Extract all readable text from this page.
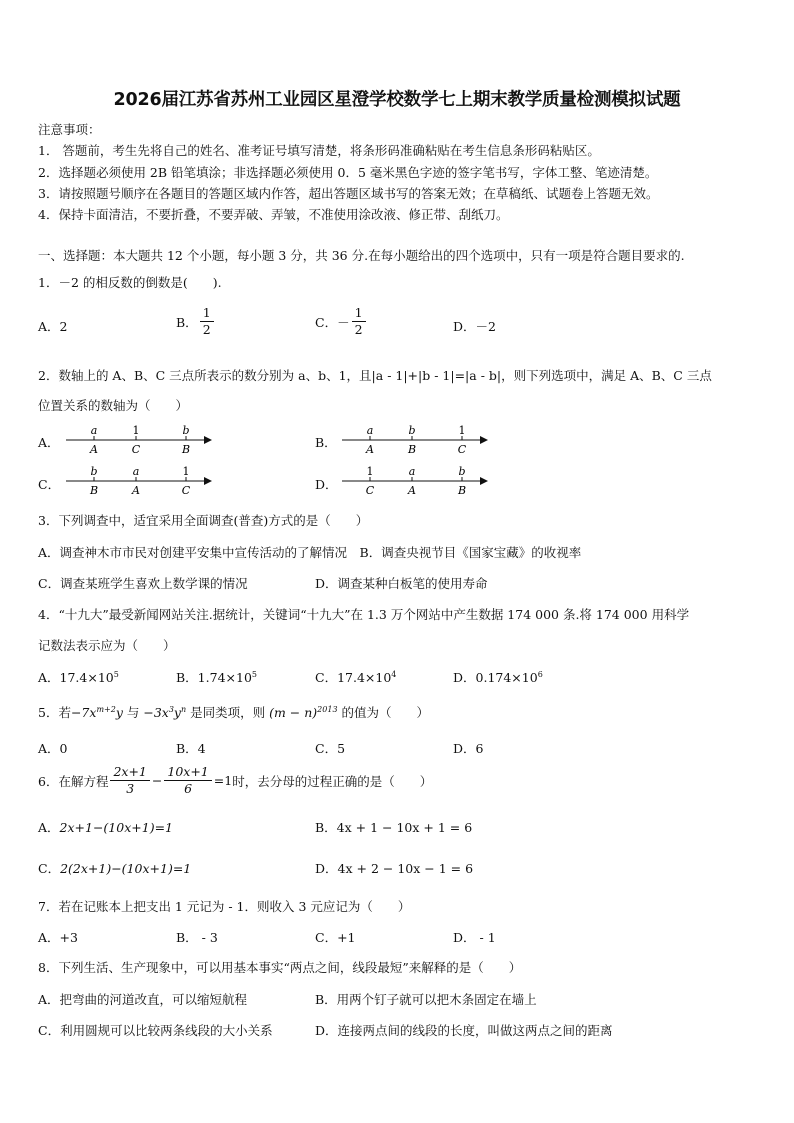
2026届江苏省苏州工业园区星澄学校数学七上期末教学质量检测模拟试题
注意事项：
1． 答题前，考生先将自己的姓名、准考证号填写清楚，将条形码准确粘贴在考生信息条形码粘贴区。
2．选择题必须使用 2B 铅笔填涂；非选择题必须使用 0．5 毫米黑色字迹的签字笔书写，字体工整、笔迹清楚。
3．请按照题号顺序在各题目的答题区域内作答，超出答题区域书写的答案无效；在草稿纸、试题卷上答题无效。
4．保持卡面清洁，不要折叠，不要弄破、弄皱，不准使用涂改液、修正带、刮纸刀。
一、选择题：本大题共 12 个小题，每小题 3 分，共 36 分.在每小题给出的四个选项中，只有一项是符合题目要求的.
1．－2 的相反数的倒数是(　　).
A．2	B． $\frac{1}{2}$	C．－ $\frac{1}{2}$	D．－2
2．数轴上的 A、B、C 三点所表示的数分别为 a、b、1，且|a - 1|+|b - 1|=|a - b|，则下列选项中，满足 A、B、C 三点
位置关系的数轴为（　　）
A．	B．
C．	D．
a
A
1
C
b
B
a
A
b
B
1
C
b
B
a
A
1
C
1
C
a
A
b
B
3．下列调查中，适宜采用全面调查(普查)方式的是（　　）
A．调查神木市市民对创建平安集中宣传活动的了解情况　B．调查央视节目《国家宝藏》的收视率
C．调查某班学生喜欢上数学课的情况	D．调查某种白板笔的使用寿命
4．“十九大”最受新闻网站关注.据统计，关键词“十九大”在 1.3 万个网站中产生数据 174 000 条.将 174 000 用科学
记数法表示应为（　　）
A．$17.4\times 10^5$	B．$1.74\times 10^5$	C．$17.4\times 10^4$	D．$0.174\times 10^6$
5．若$-7x^{m+2}y$ 与 $-3x^3y^n$ 是同类项，则 $(m - n)^{2013}$ 的值为（　　）
A．0	B．4	C．5	D．6
6．在解方程 $\frac{2x+1}{3} - \frac{10x+1}{6} =1$ 时，去分母的过程正确的是（　　）
A．2x+1−(10x+1)=1	B．4x + 1 − 10x + 1 = 6
C．2(2x+1)−(10x+1)=1	D．4x + 2 − 10x − 1 = 6
7．若在记账本上把支出 1 元记为 - 1．则收入 3 元应记为（　　）
A．+3	B． - 3	C．+1	D． - 1
8．下列生活、生产现象中，可以用基本事实“两点之间，线段最短”来解释的是（　　）
A．把弯曲的河道改直，可以缩短航程	B．用两个钉子就可以把木条固定在墙上
C．利用圆规可以比较两条线段的大小关系	D．连接两点间的线段的长度，叫做这两点之间的距离
